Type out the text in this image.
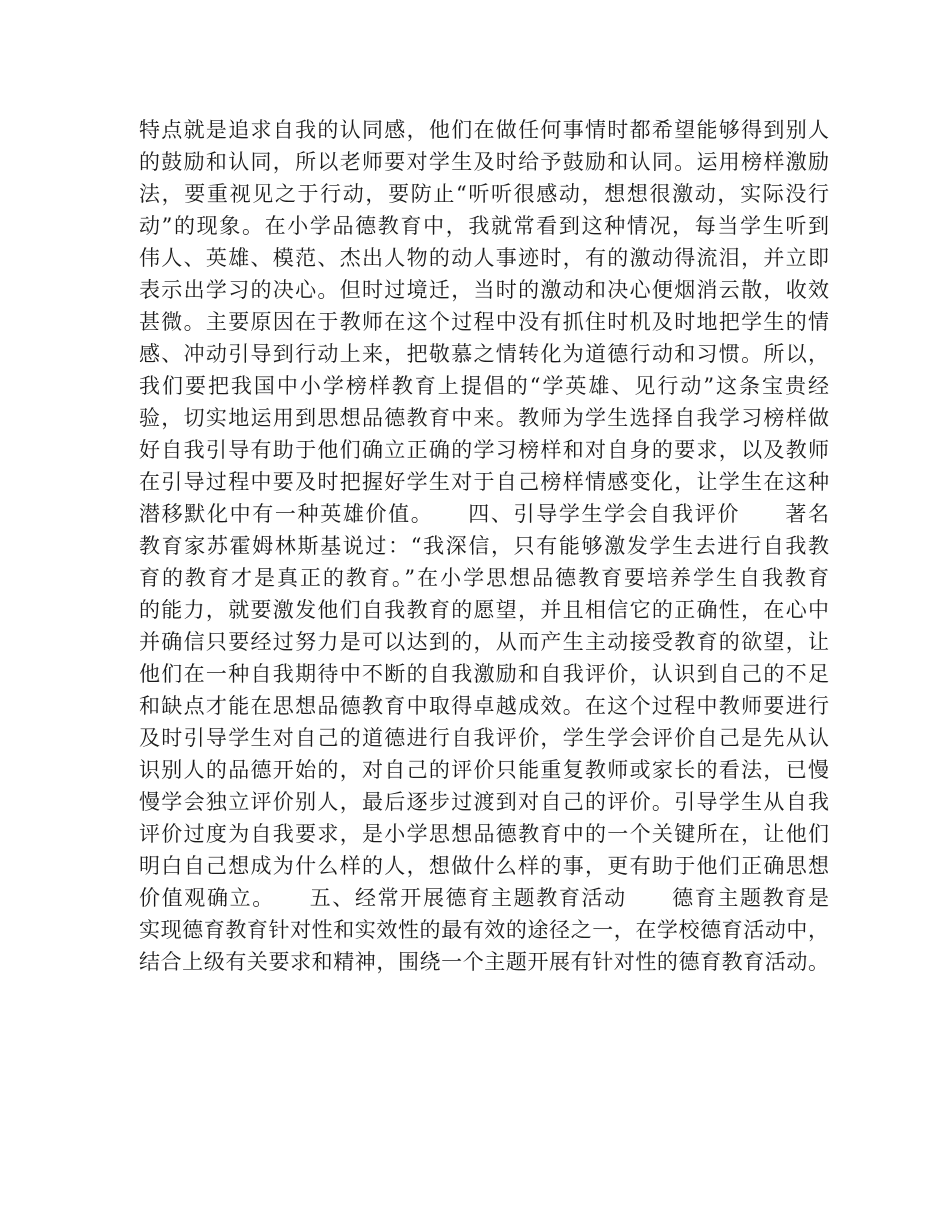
特点就是追求自我的认同感，他们在做任何事情时都希望能够得到别人
的鼓励和认同，所以老师要对学生及时给予鼓励和认同。运用榜样激励
法，要重视见之于行动，要防止“听听很感动，想想很激动，实际没行
动”的现象。在小学品德教育中，我就常看到这种情况，每当学生听到
伟人、英雄、模范、杰出人物的动人事迹时，有的激动得流泪，并立即
表示出学习的决心。但时过境迁，当时的激动和决心便烟消云散，收效
甚微。主要原因在于教师在这个过程中没有抓住时机及时地把学生的情
感、冲动引导到行动上来，把敬慕之情转化为道德行动和习惯。所以，
我们要把我国中小学榜样教育上提倡的“学英雄、见行动”这条宝贵经
验，切实地运用到思想品德教育中来。教师为学生选择自我学习榜样做
好自我引导有助于他们确立正确的学习榜样和对自身的要求，以及教师
在引导过程中要及时把握好学生对于自己榜样情感变化，让学生在这种
潜移默化中有一种英雄价值。　　四、引导学生学会自我评价　　著名
教育家苏霍姆林斯基说过：“我深信，只有能够激发学生去进行自我教
育的教育才是真正的教育。”在小学思想品德教育要培养学生自我教育
的能力，就要激发他们自我教育的愿望，并且相信它的正确性，在心中
并确信只要经过努力是可以达到的，从而产生主动接受教育的欲望，让
他们在一种自我期待中不断的自我激励和自我评价，认识到自己的不足
和缺点才能在思想品德教育中取得卓越成效。在这个过程中教师要进行
及时引导学生对自己的道德进行自我评价，学生学会评价自己是先从认
识别人的品德开始的，对自己的评价只能重复教师或家长的看法，已慢
慢学会独立评价别人，最后逐步过渡到对自己的评价。引导学生从自我
评价过度为自我要求，是小学思想品德教育中的一个关键所在，让他们
明白自己想成为什么样的人，想做什么样的事，更有助于他们正确思想
价值观确立。　　五、经常开展德育主题教育活动　　德育主题教育是
实现德育教育针对性和实效性的最有效的途径之一，在学校德育活动中，
结合上级有关要求和精神，围绕一个主题开展有针对性的德育教育活动。
